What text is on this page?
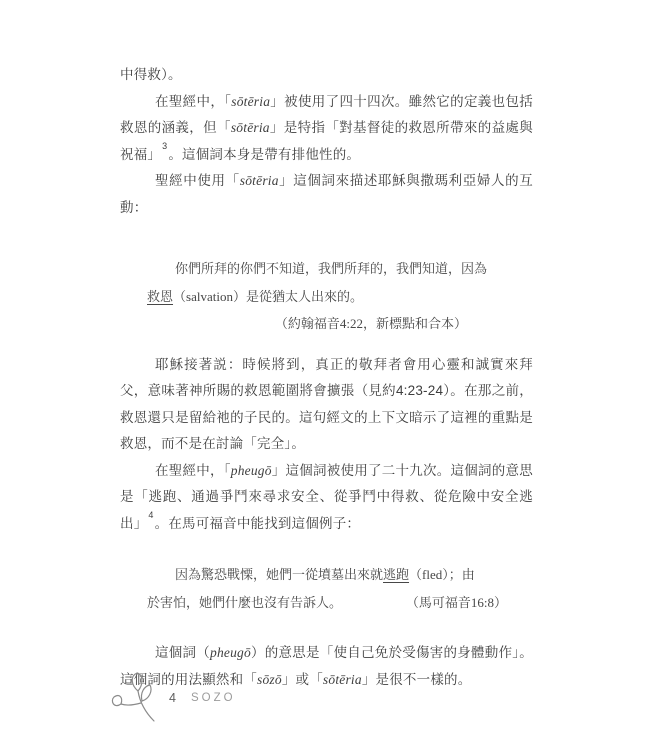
中得救）。

在聖經中，「sōtēria」被使用了四十四次。雖然它的定義也包括救恩的涵義，但「sōtēria」是特指「對基督徒的救恩所帶來的益處與祝福」$^3$。這個詞本身是帶有排他性的。

聖經中使用「sōtēria」這個詞來描述耶穌與撒瑪利亞婦人的互動：

你們所拜的你們不知道，我們所拜的，我們知道，因為
救恩（salvation）是從猶太人出來的。
（約翰福音4:22，新標點和合本）

耶穌接著説：時候將到，真正的敬拜者會用心靈和誠實來拜父，意味著神所賜的救恩範圍將會擴張（見約4:23-24）。在那之前，救恩還只是留給祂的子民的。這句經文的上下文暗示了這裡的重點是救恩，而不是在討論「完全」。

在聖經中，「pheugō」這個詞被使用了二十九次。這個詞的意思是「逃跑、通過爭鬥來尋求安全、從爭鬥中得救、從危險中安全逃出」$^4$。在馬可福音中能找到這個例子：

因為驚恐戰慄，她們一從墳墓出來就逃跑（fled）；由
於害怕，她們什麼也沒有告訴人。	（馬可福音16:8）

這個詞（pheugō）的意思是「使自己免於受傷害的身體動作」。這個詞的用法顯然和「sōzō」或「sōtēria」是很不一樣的。

4 SOZO
